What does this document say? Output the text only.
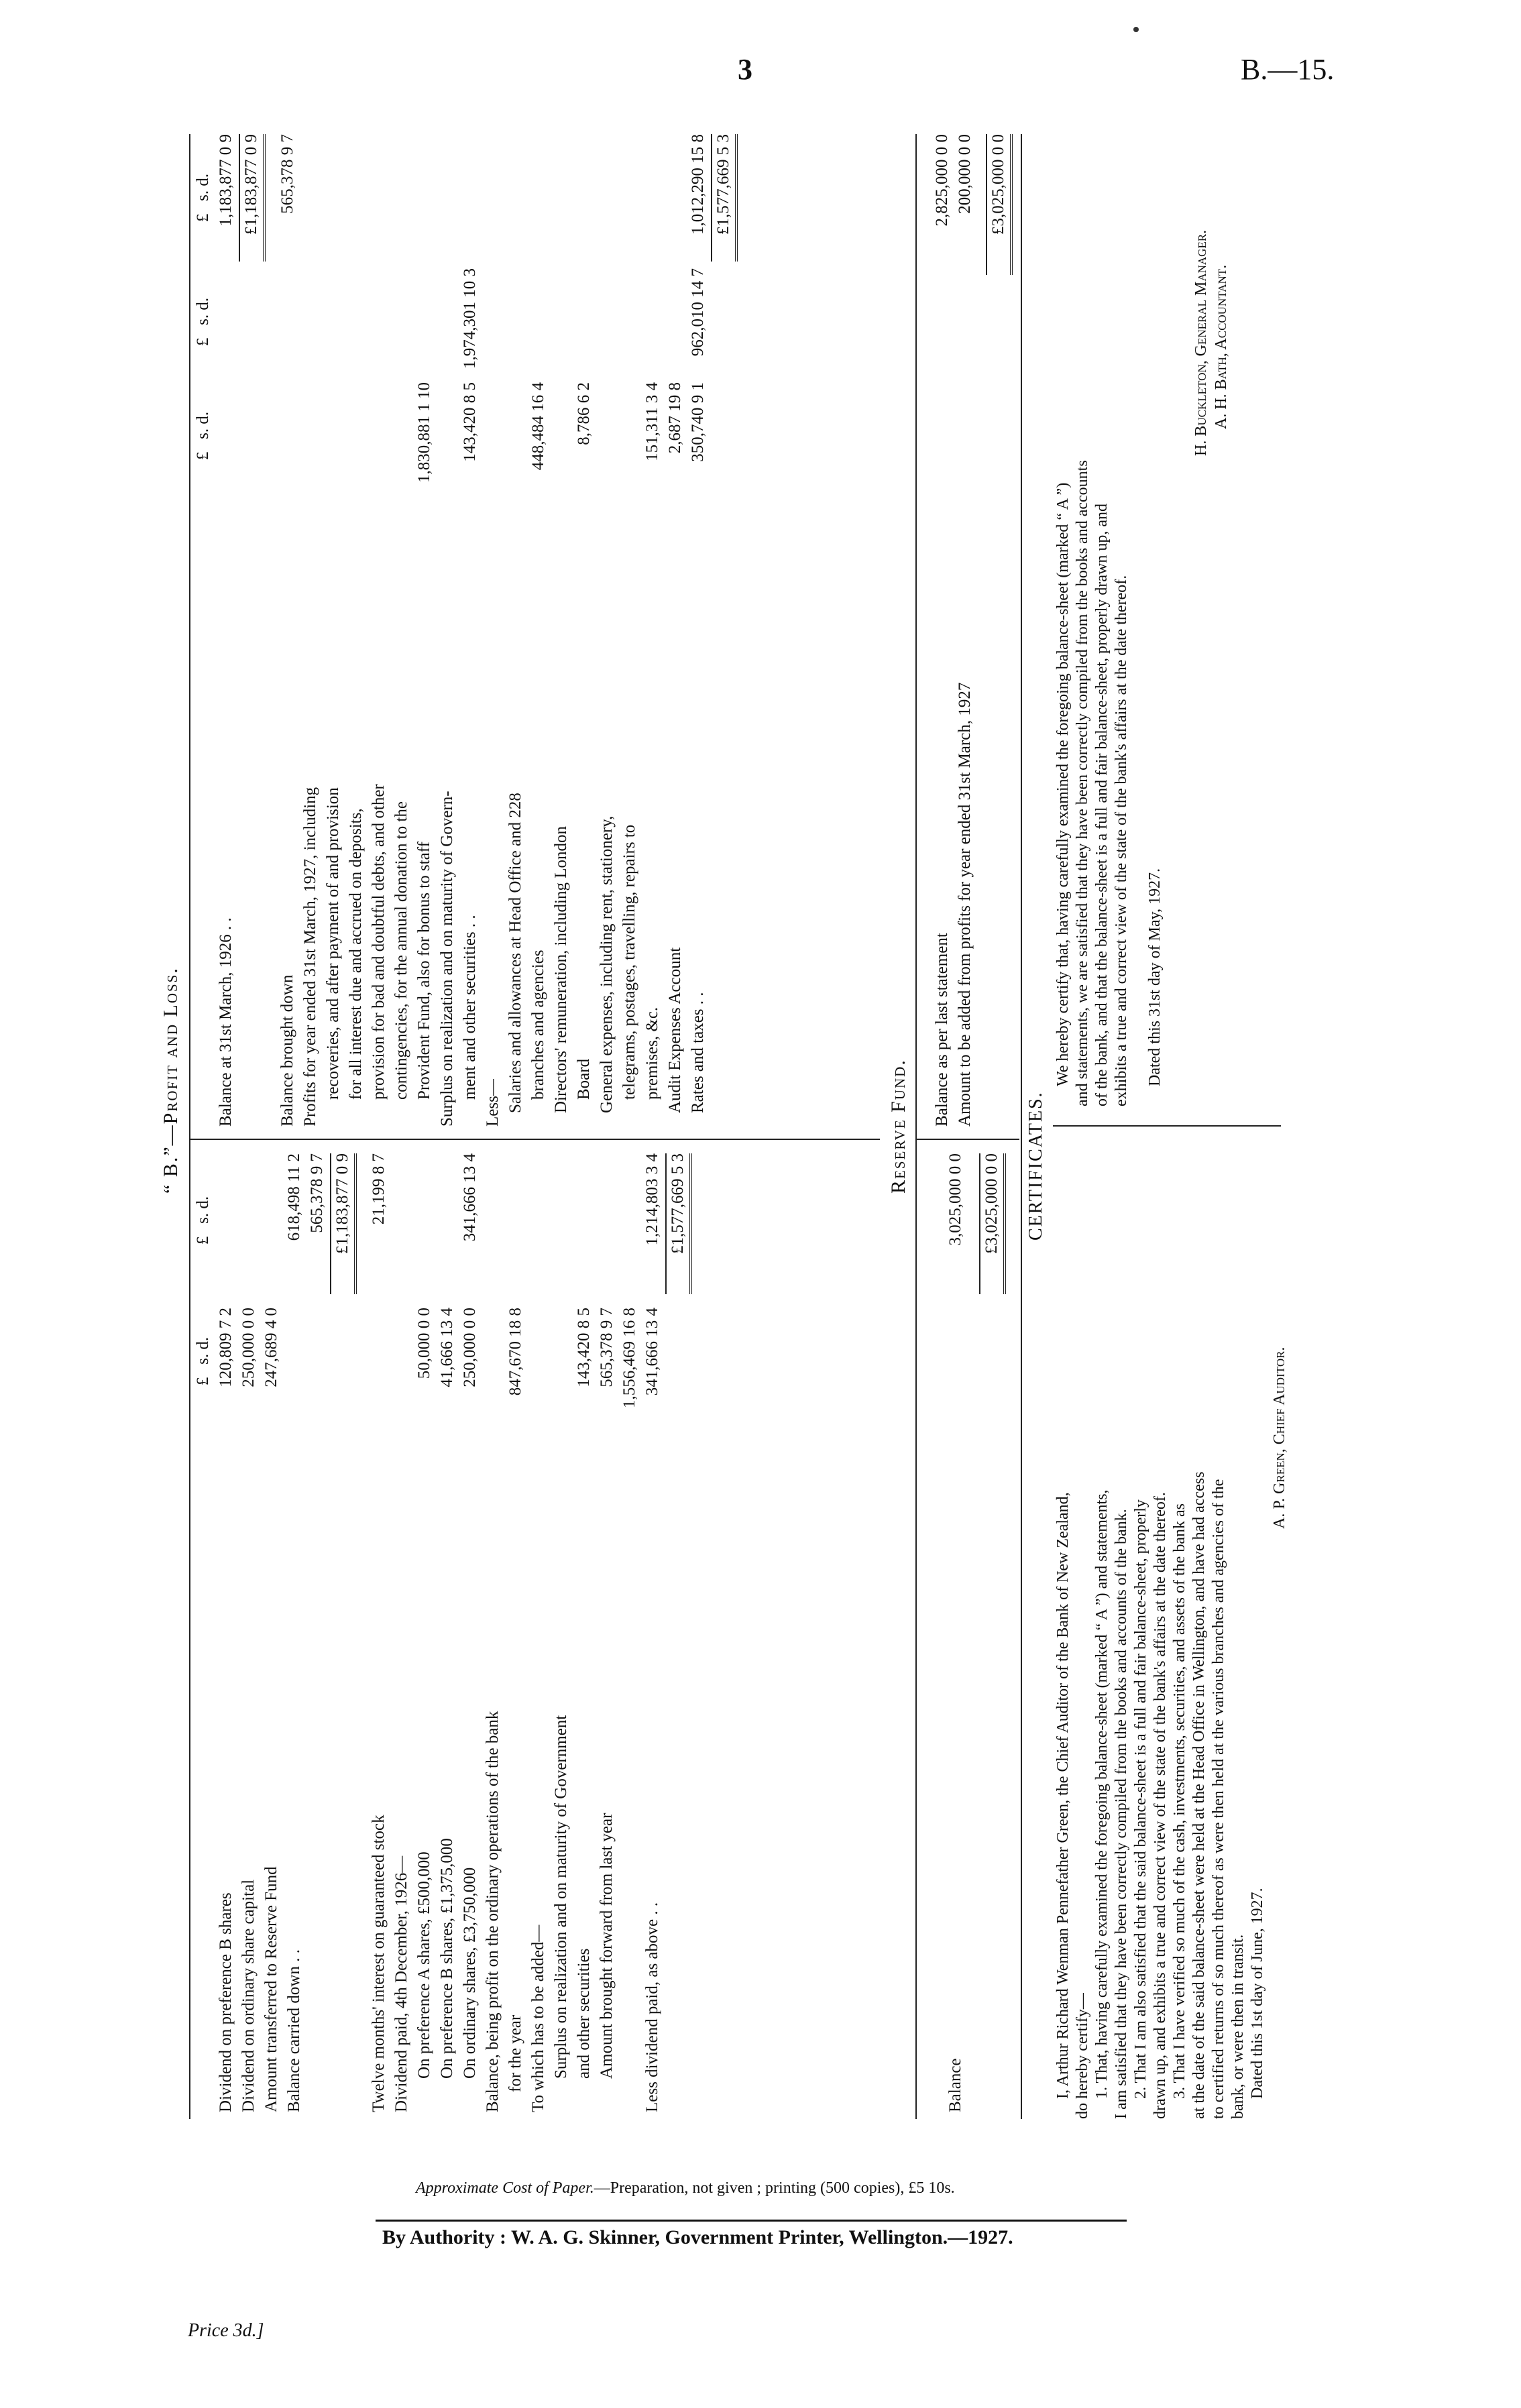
3	B.—15.
“ B.”—Profit and Loss.
£   s. d.
£   s. d.
£   s. d.
£   s. d.
£   s. d.
Dividend on preference B shares
120,809 7 2
Dividend on ordinary share capital
250,000 0 0
Amount transferred to Reserve Fund
247,689 4 0
Balance carried down . .
618,498 11 2 565,378 9 7 £1,183,877 0 9
Twelve months' interest on guaranteed stock
21,199 8 7
Dividend paid, 4th December, 1926— On preference A shares, £500,000
50,000 0 0
On preference B shares, £1,375,000
41,666 13 4
On ordinary shares, £3,750,000
250,000 0 0
341,666 13 4
Balance, being profit on the ordinary operations of the bank for the year
847,670 18 8
To which has to be added— Surplus on realization and on maturity of Government and other securities
143,420 8 5
Amount brought forward from last year
565,378 9 7 1,556,469 16 8
Less dividend paid, as above . .
341,666 13 4
1,214,803 3 4 £1,577,669 5 3
Balance at 31st March, 1926 . .
1,183,877 0 9 £1,183,877 0 9
Balance brought down
565,378 9 7
Profits for year ended 31st March, 1927, including recoveries, and after payment of and provision for all interest due and accrued on deposits, provision for bad and doubtful debts, and other contingencies, for the annual donation to the Provident Fund, also for bonus to staff
1,830,881 1 10
Surplus on realization and on maturity of Govern- ment and other securities . .
143,420 8 5
1,974,301 10 3
Less— Salaries and allowances at Head Office and 228 branches and agencies
448,484 16 4
Directors' remuneration, including London Board
8,786 6 2
General expenses, including rent, stationery, telegrams, postages, travelling, repairs to premises, &c.
151,311 3 4
Audit Expenses Account
2,687 19 8
Rates and taxes . .
350,740 9 1
962,010 14 7
1,012,290 15 8 £1,577,669 5 3
Reserve Fund.
Balance
3,025,000 0 0 £3,025,000 0 0
Balance as per last statement
2,825,000 0 0
Amount to be added from profits for year ended 31st March, 1927
200,000 0 0 £3,025,000 0 0
CERTIFICATES.
I, Arthur Richard Wenman Pennefather Green, the Chief Auditor of the Bank of New Zealand, do hereby certify— 1. That, having carefully examined the foregoing balance-sheet (marked “ A ”) and statements, I am satisfied that they have been correctly compiled from the books and accounts of the bank. 2. That I am also satisfied that the said balance-sheet is a full and fair balance-sheet, properly drawn up, and exhibits a true and correct view of the state of the bank's affairs at the date thereof. 3. That I have verified so much of the cash, investments, securities, and assets of the bank as at the date of the said balance-sheet were held at the Head Office in Wellington, and have had access to certified returns of so much thereof as were then held at the various branches and agencies of the bank, or were then in transit. Dated this 1st day of June, 1927.
A. P. Green, Chief Auditor.
We hereby certify that, having carefully examined the foregoing balance-sheet (marked “ A ”) and statements, we are satisfied that they have been correctly compiled from the books and accounts of the bank, and that the balance-sheet is a full and fair balance-sheet, properly drawn up, and exhibits a true and correct view of the state of the bank's affairs at the date thereof. Dated this 31st day of May, 1927.
H. Buckleton, General Manager. A. H. Bath, Accountant.
Approximate Cost of Paper.—Preparation, not given ; printing (500 copies), £5 10s.
By Authority : W. A. G. Skinner, Government Printer, Wellington.—1927.
Price 3d.]
